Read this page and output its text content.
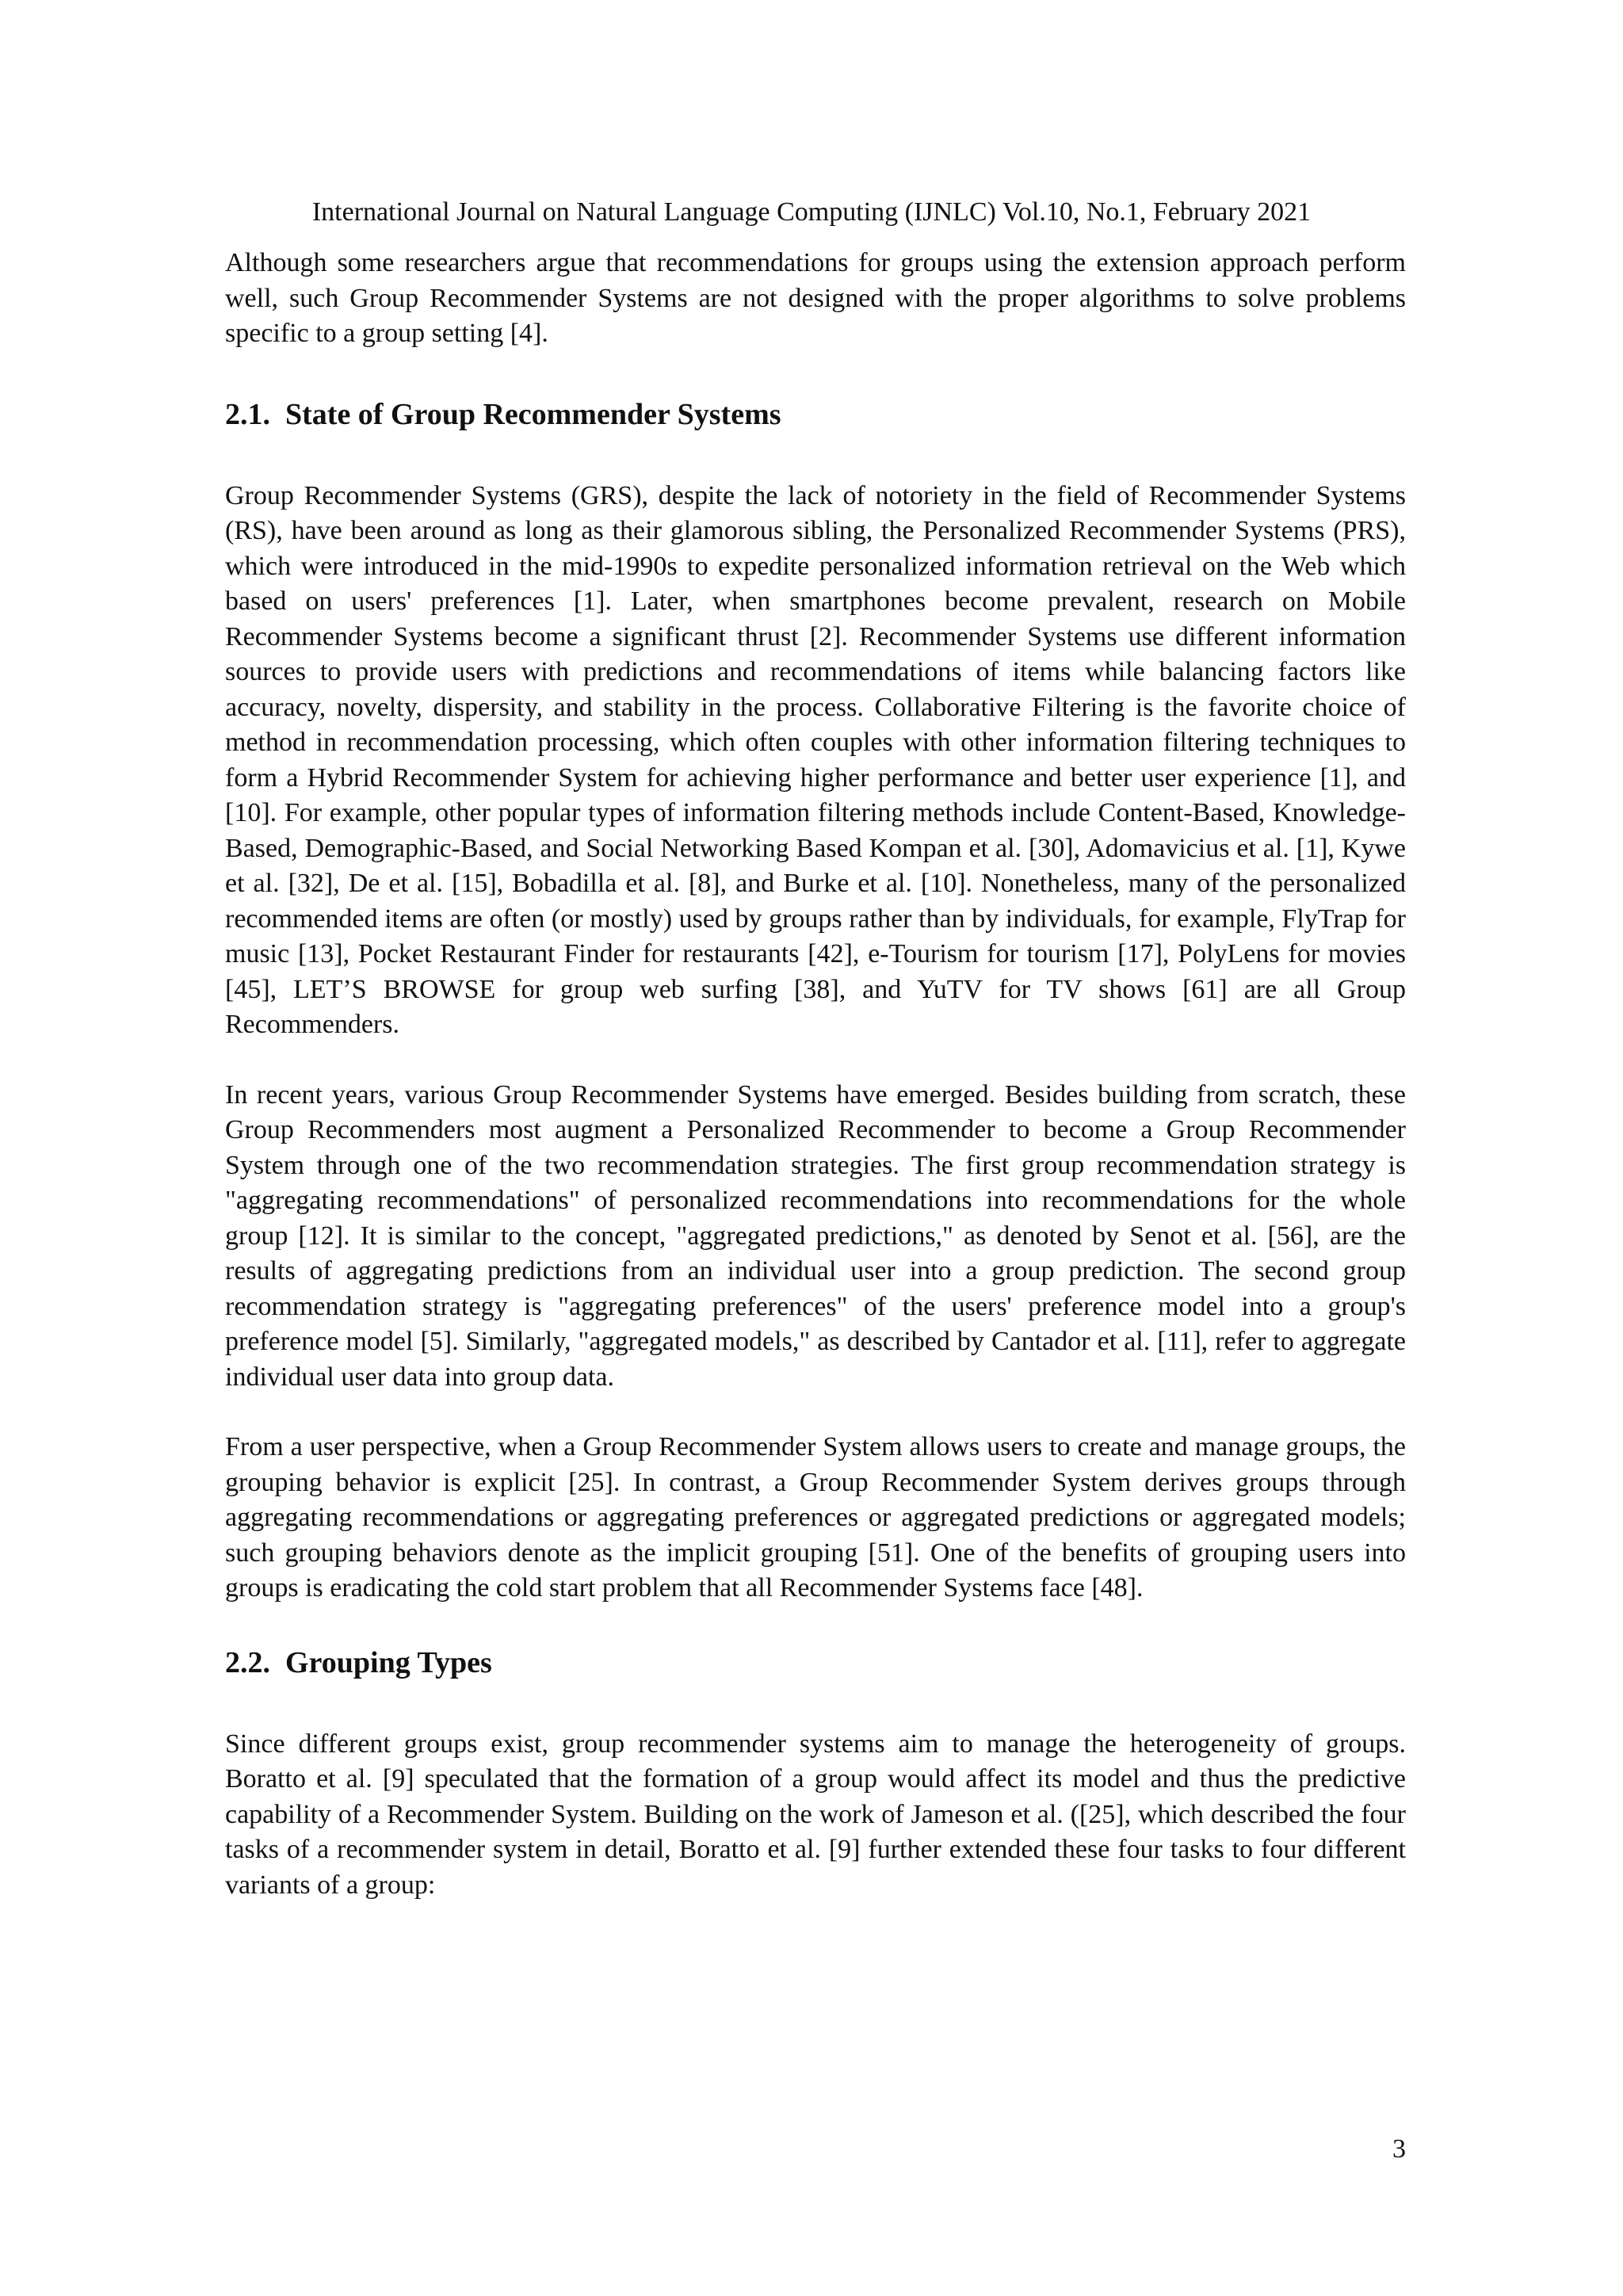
International Journal on Natural Language Computing (IJNLC) Vol.10, No.1, February 2021

Although some researchers argue that recommendations for groups using the extension approach perform well, such Group Recommender Systems are not designed with the proper algorithms to solve problems specific to a group setting [4].

2.1. State of Group Recommender Systems

Group Recommender Systems (GRS), despite the lack of notoriety in the field of Recommender Systems (RS), have been around as long as their glamorous sibling, the Personalized Recommender Systems (PRS), which were introduced in the mid-1990s to expedite personalized information retrieval on the Web which based on users' preferences [1]. Later, when smartphones become prevalent, research on Mobile Recommender Systems become a significant thrust [2]. Recommender Systems use different information sources to provide users with predictions and recommendations of items while balancing factors like accuracy, novelty, dispersity, and stability in the process. Collaborative Filtering is the favorite choice of method in recommendation processing, which often couples with other information filtering techniques to form a Hybrid Recommender System for achieving higher performance and better user experience [1], and [10]. For example, other popular types of information filtering methods include Content-Based, Knowledge-Based, Demographic-Based, and Social Networking Based Kompan et al. [30], Adomavicius et al. [1], Kywe et al. [32], De et al. [15], Bobadilla et al. [8], and Burke et al. [10]. Nonetheless, many of the personalized recommended items are often (or mostly) used by groups rather than by individuals, for example, FlyTrap for music [13], Pocket Restaurant Finder for restaurants [42], e-Tourism for tourism [17], PolyLens for movies [45], LET’S BROWSE for group web surfing [38], and YuTV for TV shows [61] are all Group Recommenders.

In recent years, various Group Recommender Systems have emerged. Besides building from scratch, these Group Recommenders most augment a Personalized Recommender to become a Group Recommender System through one of the two recommendation strategies. The first group recommendation strategy is "aggregating recommendations" of personalized recommendations into recommendations for the whole group [12]. It is similar to the concept, "aggregated predictions," as denoted by Senot et al. [56], are the results of aggregating predictions from an individual user into a group prediction. The second group recommendation strategy is "aggregating preferences" of the users' preference model into a group's preference model [5]. Similarly, "aggregated models," as described by Cantador et al. [11], refer to aggregate individual user data into group data.

From a user perspective, when a Group Recommender System allows users to create and manage groups, the grouping behavior is explicit [25]. In contrast, a Group Recommender System derives groups through aggregating recommendations or aggregating preferences or aggregated predictions or aggregated models; such grouping behaviors denote as the implicit grouping [51]. One of the benefits of grouping users into groups is eradicating the cold start problem that all Recommender Systems face [48].

2.2. Grouping Types

Since different groups exist, group recommender systems aim to manage the heterogeneity of groups. Boratto et al. [9] speculated that the formation of a group would affect its model and thus the predictive capability of a Recommender System. Building on the work of Jameson et al. ([25], which described the four tasks of a recommender system in detail, Boratto et al. [9] further extended these four tasks to four different variants of a group:

3
